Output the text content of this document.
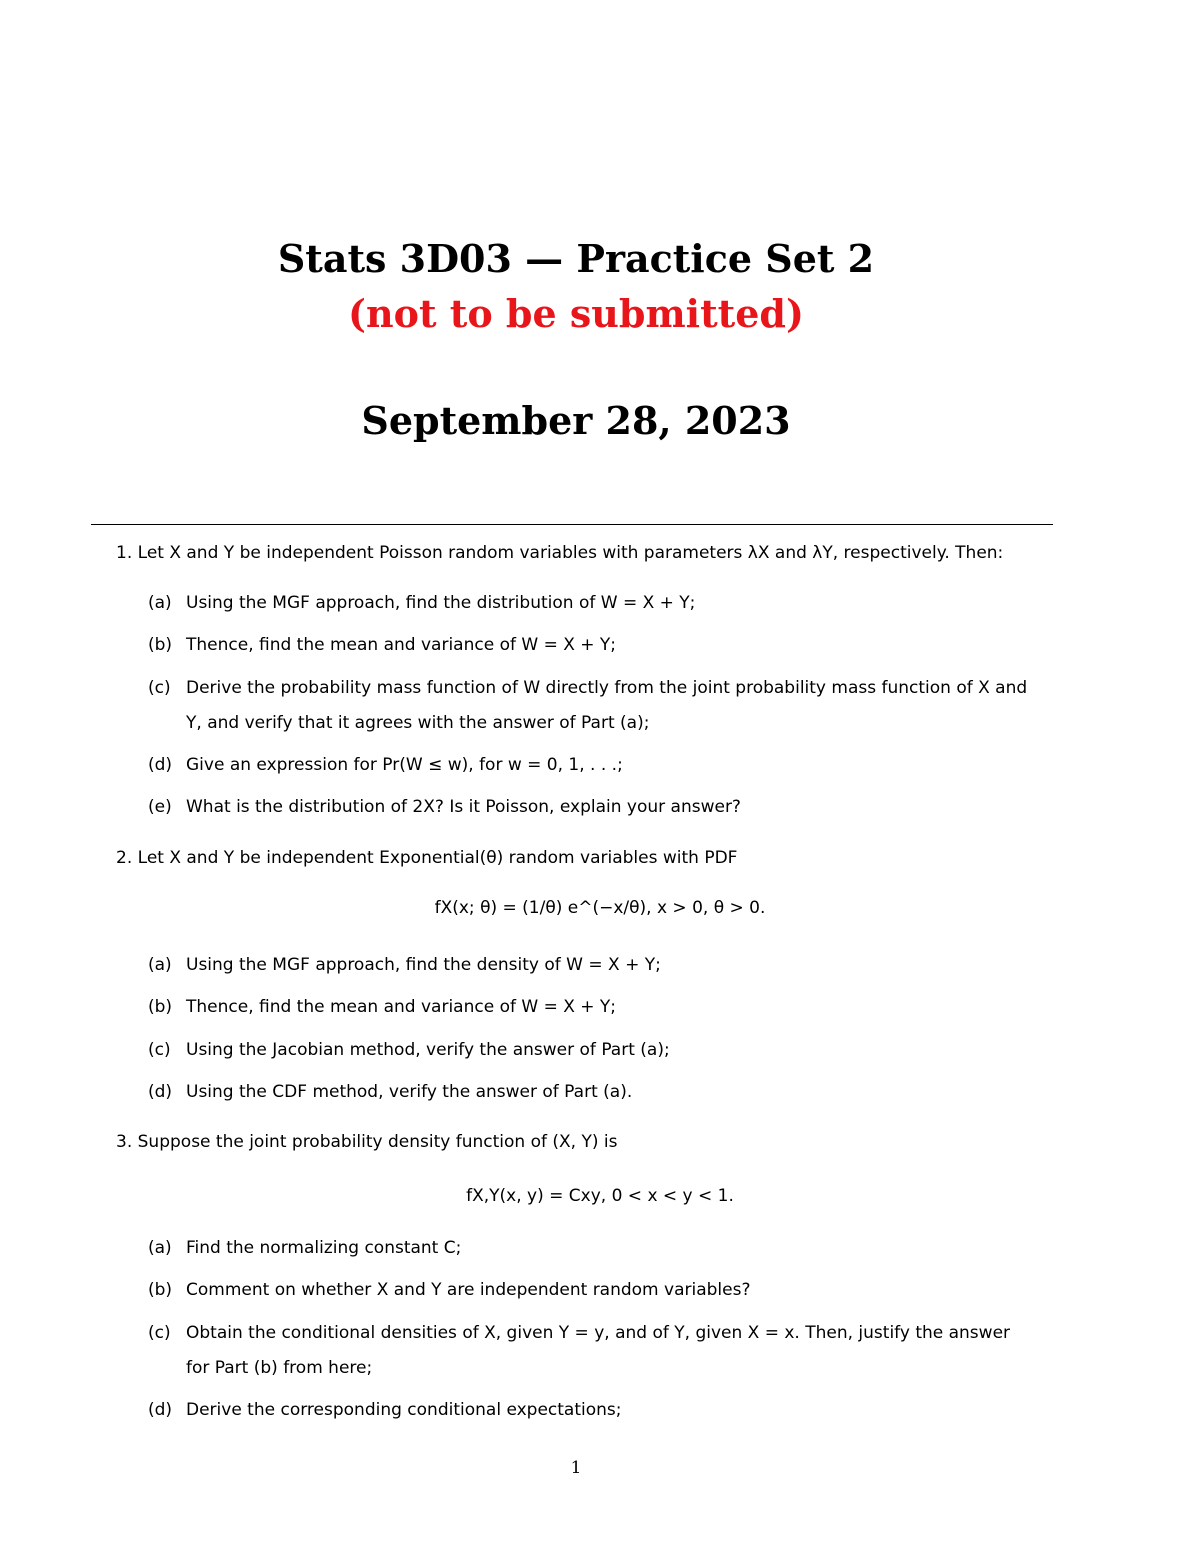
Stats 3D03 — Practice Set 2
(not to be submitted)
September 28, 2023
1. Let X and Y be independent Poisson random variables with parameters λX and λY, respectively. Then:
(a) Using the MGF approach, find the distribution of W = X + Y;
(b) Thence, find the mean and variance of W = X + Y;
(c) Derive the probability mass function of W directly from the joint probability mass function of X and
Y, and verify that it agrees with the answer of Part (a);
(d) Give an expression for Pr(W ≤ w), for w = 0, 1, . . .;
(e) What is the distribution of 2X? Is it Poisson, explain your answer?
2. Let X and Y be independent Exponential(θ) random variables with PDF
fX(x; θ) = (1/θ) e^(−x/θ), x > 0, θ > 0.
(a) Using the MGF approach, find the density of W = X + Y;
(b) Thence, find the mean and variance of W = X + Y;
(c) Using the Jacobian method, verify the answer of Part (a);
(d) Using the CDF method, verify the answer of Part (a).
3. Suppose the joint probability density function of (X, Y) is
fX,Y(x, y) = Cxy, 0 < x < y < 1.
(a) Find the normalizing constant C;
(b) Comment on whether X and Y are independent random variables?
(c) Obtain the conditional densities of X, given Y = y, and of Y, given X = x. Then, justify the answer
for Part (b) from here;
(d) Derive the corresponding conditional expectations;
1
